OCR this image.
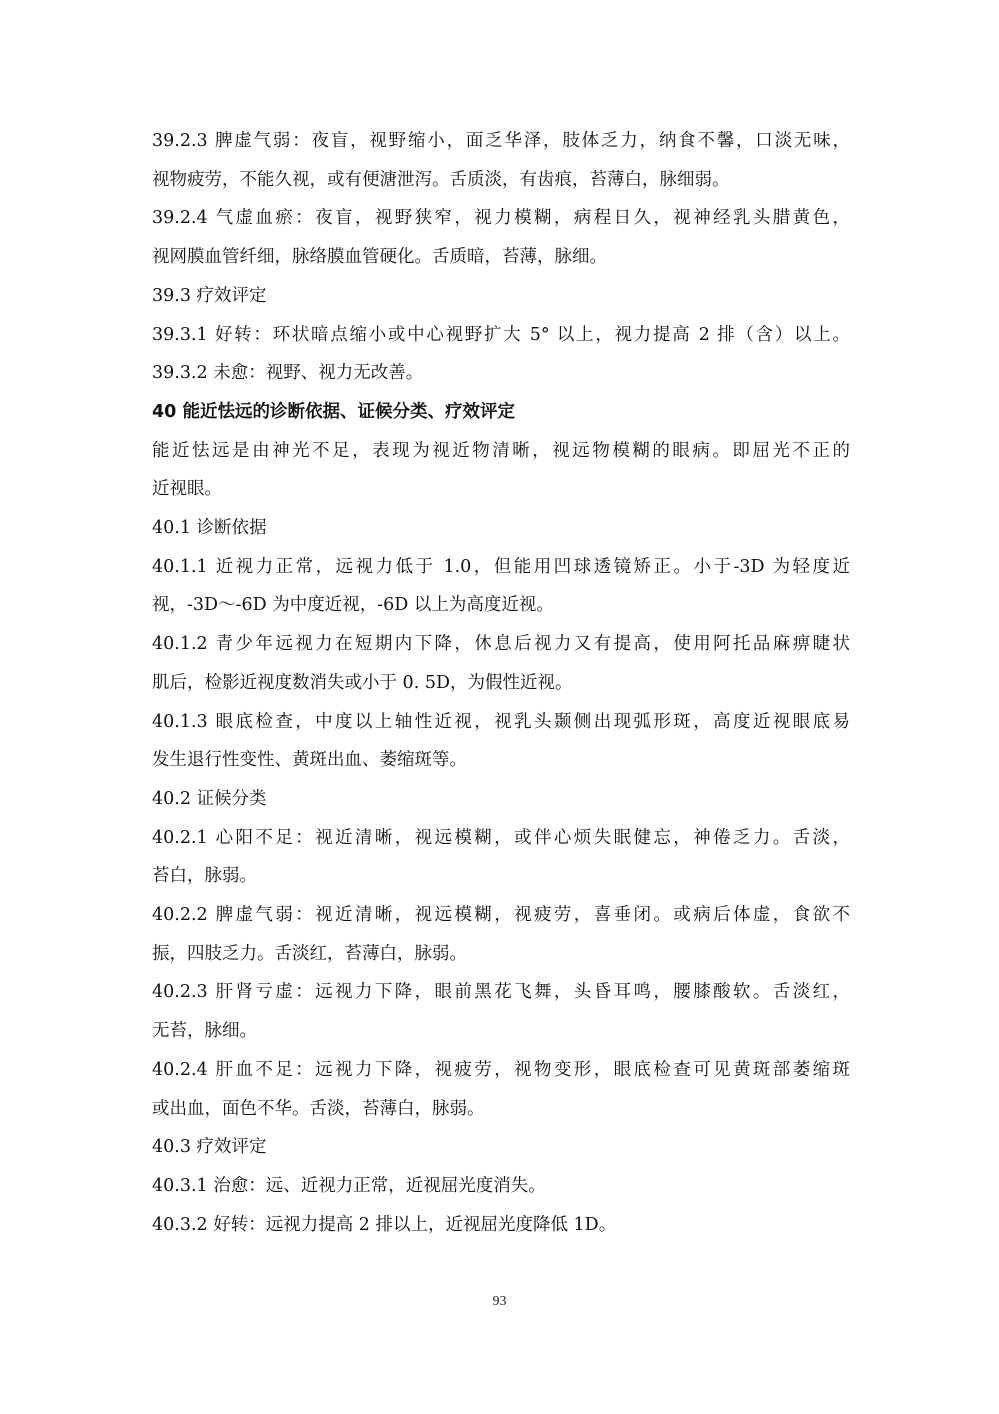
39.2.3 脾虚气弱：夜盲，视野缩小，面乏华泽，肢体乏力，纳食不馨，口淡无味，
视物疲劳，不能久视，或有便溏泄泻。舌质淡，有齿痕，苔薄白，脉细弱。
39.2.4 气虚血瘀：夜盲，视野狭窄，视力模糊，病程日久，视神经乳头腊黄色，
视网膜血管纤细，脉络膜血管硬化。舌质暗，苔薄，脉细。
39.3 疗效评定
39.3.1 好转：环状暗点缩小或中心视野扩大 5° 以上，视力提高 2 排（含）以上。
39.3.2 未愈：视野、视力无改善。
40 能近怯远的诊断依据、证候分类、疗效评定
能近怯远是由神光不足，表现为视近物清晰，视远物模糊的眼病。即屈光不正的
近视眼。
40.1 诊断依据
40.1.1 近视力正常，远视力低于 1.0，但能用凹球透镜矫正。小于-3D 为轻度近
视，-3D～-6D 为中度近视，-6D 以上为高度近视。
40.1.2 青少年远视力在短期内下降，休息后视力又有提高，使用阿托品麻痹睫状
肌后，检影近视度数消失或小于 0. 5D，为假性近视。
40.1.3 眼底检查，中度以上轴性近视，视乳头颞侧出现弧形斑，高度近视眼底易
发生退行性变性、黄斑出血、萎缩斑等。
40.2 证候分类
40.2.1 心阳不足：视近清晰，视远模糊，或伴心烦失眠健忘，神倦乏力。舌淡，
苔白，脉弱。
40.2.2 脾虚气弱：视近清晰，视远模糊，视疲劳，喜垂闭。或病后体虚，食欲不
振，四肢乏力。舌淡红，苔薄白，脉弱。
40.2.3 肝肾亏虚：远视力下降，眼前黑花飞舞，头昏耳鸣，腰膝酸软。舌淡红，
无苔，脉细。
40.2.4 肝血不足：远视力下降，视疲劳，视物变形，眼底检查可见黄斑部萎缩斑
或出血，面色不华。舌淡，苔薄白，脉弱。
40.3 疗效评定
40.3.1 治愈：远、近视力正常，近视屈光度消失。
40.3.2 好转：远视力提高 2 排以上，近视屈光度降低 1D。
93
